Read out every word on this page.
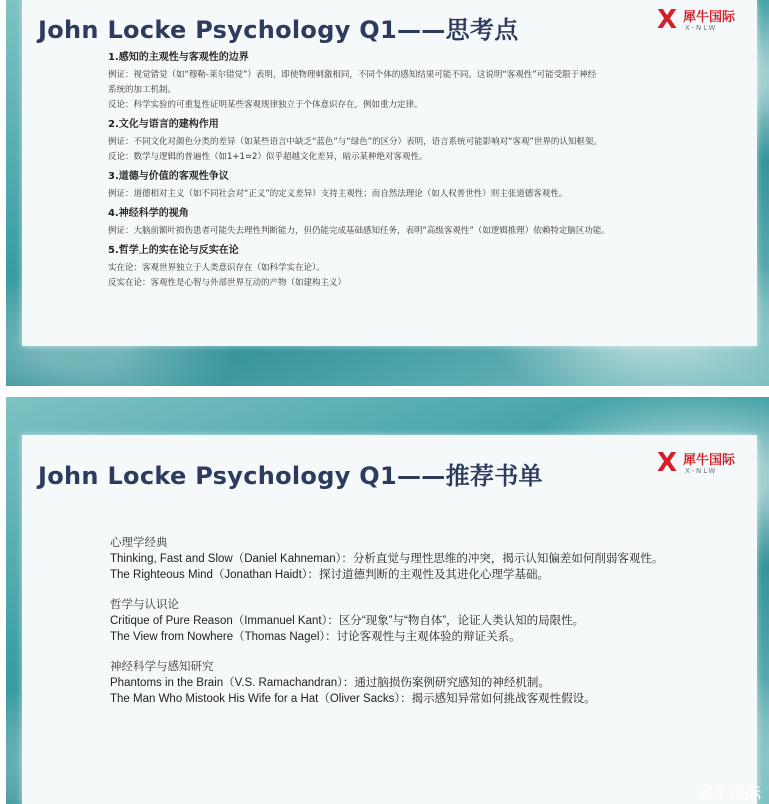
John Locke Psychology Q1——思考点	X 犀牛国际
X-NLW
1.感知的主观性与客观性的边界

例证：视觉错觉（如“穆勒-莱尔错觉”）表明，即使物理刺激相同，不同个体的感知结果可能不同。这说明“客观性”可能受限于神经

系统的加工机制。

反论：科学实验的可重复性证明某些客观规律独立于个体意识存在，例如重力定律。

2.文化与语言的建构作用

例证：不同文化对颜色分类的差异（如某些语言中缺乏“蓝色”与“绿色”的区分）表明，语言系统可能影响对“客观”世界的认知框架。

反论：数学与逻辑的普遍性（如1+1=2）似乎超越文化差异，暗示某种绝对客观性。

3.道德与价值的客观性争议

例证：道德相对主义（如不同社会对“正义”的定义差异）支持主观性；而自然法理论（如人权普世性）则主张道德客观性。

4.神经科学的视角

例证：大脑前额叶损伤患者可能失去理性判断能力，但仍能完成基础感知任务，表明“高级客观性”（如逻辑推理）依赖特定脑区功能。

5.哲学上的实在论与反实在论

实在论：客观世界独立于人类意识存在（如科学实在论）。

反实在论：客观性是心智与外部世界互动的产物（如建构主义）

John Locke Psychology Q1——推荐书单	X 犀牛国际
X-NLW
心理学经典
Thinking, Fast and Slow（Daniel Kahneman）：分析直觉与理性思维的冲突，揭示认知偏差如何削弱客观性。
The Righteous Mind（Jonathan Haidt）：探讨道德判断的主观性及其进化心理学基础。
哲学与认识论
Critique of Pure Reason（Immanuel Kant）：区分“现象”与“物自体”，论证人类认知的局限性。
The View from Nowhere（Thomas Nagel）：讨论客观性与主观体验的辩证关系。
神经科学与感知研究
Phantoms in the Brain（V.S. Ramachandran）：通过脑损伤案例研究感知的神经机制。
The Man Who Mistook His Wife for a Hat（Oliver Sacks）：揭示感知异常如何挑战客观性假设。
犀牛国际
